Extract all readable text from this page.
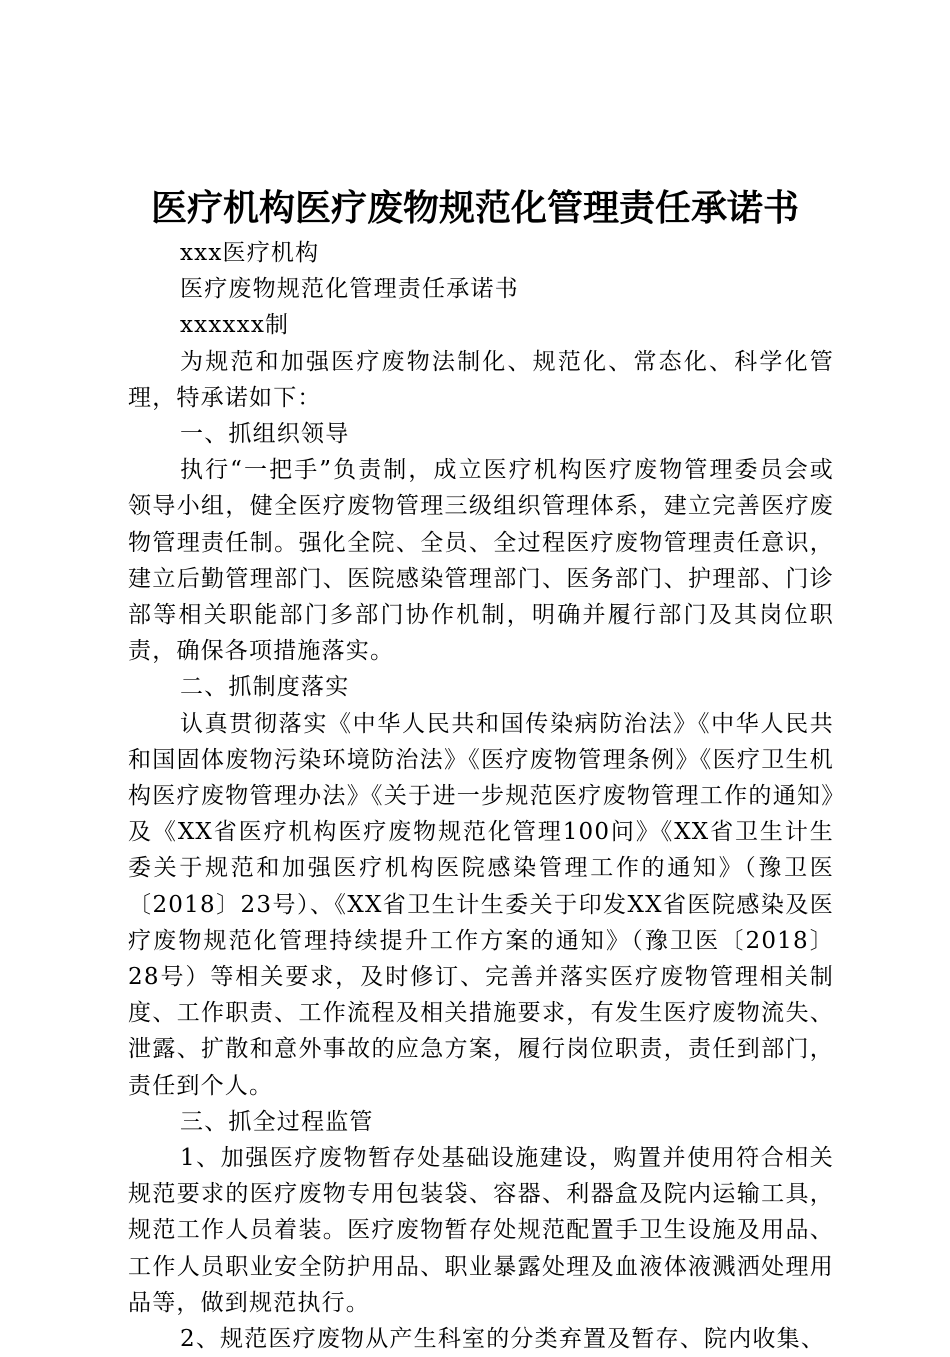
医疗机构医疗废物规范化管理责任承诺书

xxx医疗机构

医疗废物规范化管理责任承诺书

xxxxxx制

为规范和加强医疗废物法制化、规范化、常态化、科学化管理，特承诺如下：

一、抓组织领导

执行“一把手”负责制，成立医疗机构医疗废物管理委员会或领导小组，健全医疗废物管理三级组织管理体系，建立完善医疗废物管理责任制。强化全院、全员、全过程医疗废物管理责任意识，建立后勤管理部门、医院感染管理部门、医务部门、护理部、门诊部等相关职能部门多部门协作机制，明确并履行部门及其岗位职责，确保各项措施落实。

二、抓制度落实

认真贯彻落实《中华人民共和国传染病防治法》《中华人民共和国固体废物污染环境防治法》《医疗废物管理条例》《医疗卫生机构医疗废物管理办法》《关于进一步规范医疗废物管理工作的通知》及《XX省医疗机构医疗废物规范化管理100问》《XX省卫生计生委关于规范和加强医疗机构医院感染管理工作的通知》（豫卫医〔2018〕23号）、《XX省卫生计生委关于印发XX省医院感染及医疗废物规范化管理持续提升工作方案的通知》（豫卫医〔2018〕28号）等相关要求，及时修订、完善并落实医疗废物管理相关制度、工作职责、工作流程及相关措施要求，有发生医疗废物流失、泄露、扩散和意外事故的应急方案，履行岗位职责，责任到部门，责任到个人。

三、抓全过程监管

1、加强医疗废物暂存处基础设施建设，购置并使用符合相关规范要求的医疗废物专用包装袋、容器、利器盒及院内运输工具，规范工作人员着装。医疗废物暂存处规范配置手卫生设施及用品、工作人员职业安全防护用品、职业暴露处理及血液体液溅洒处理用品等，做到规范执行。

2、规范医疗废物从产生科室的分类弃置及暂存、院内收集、
